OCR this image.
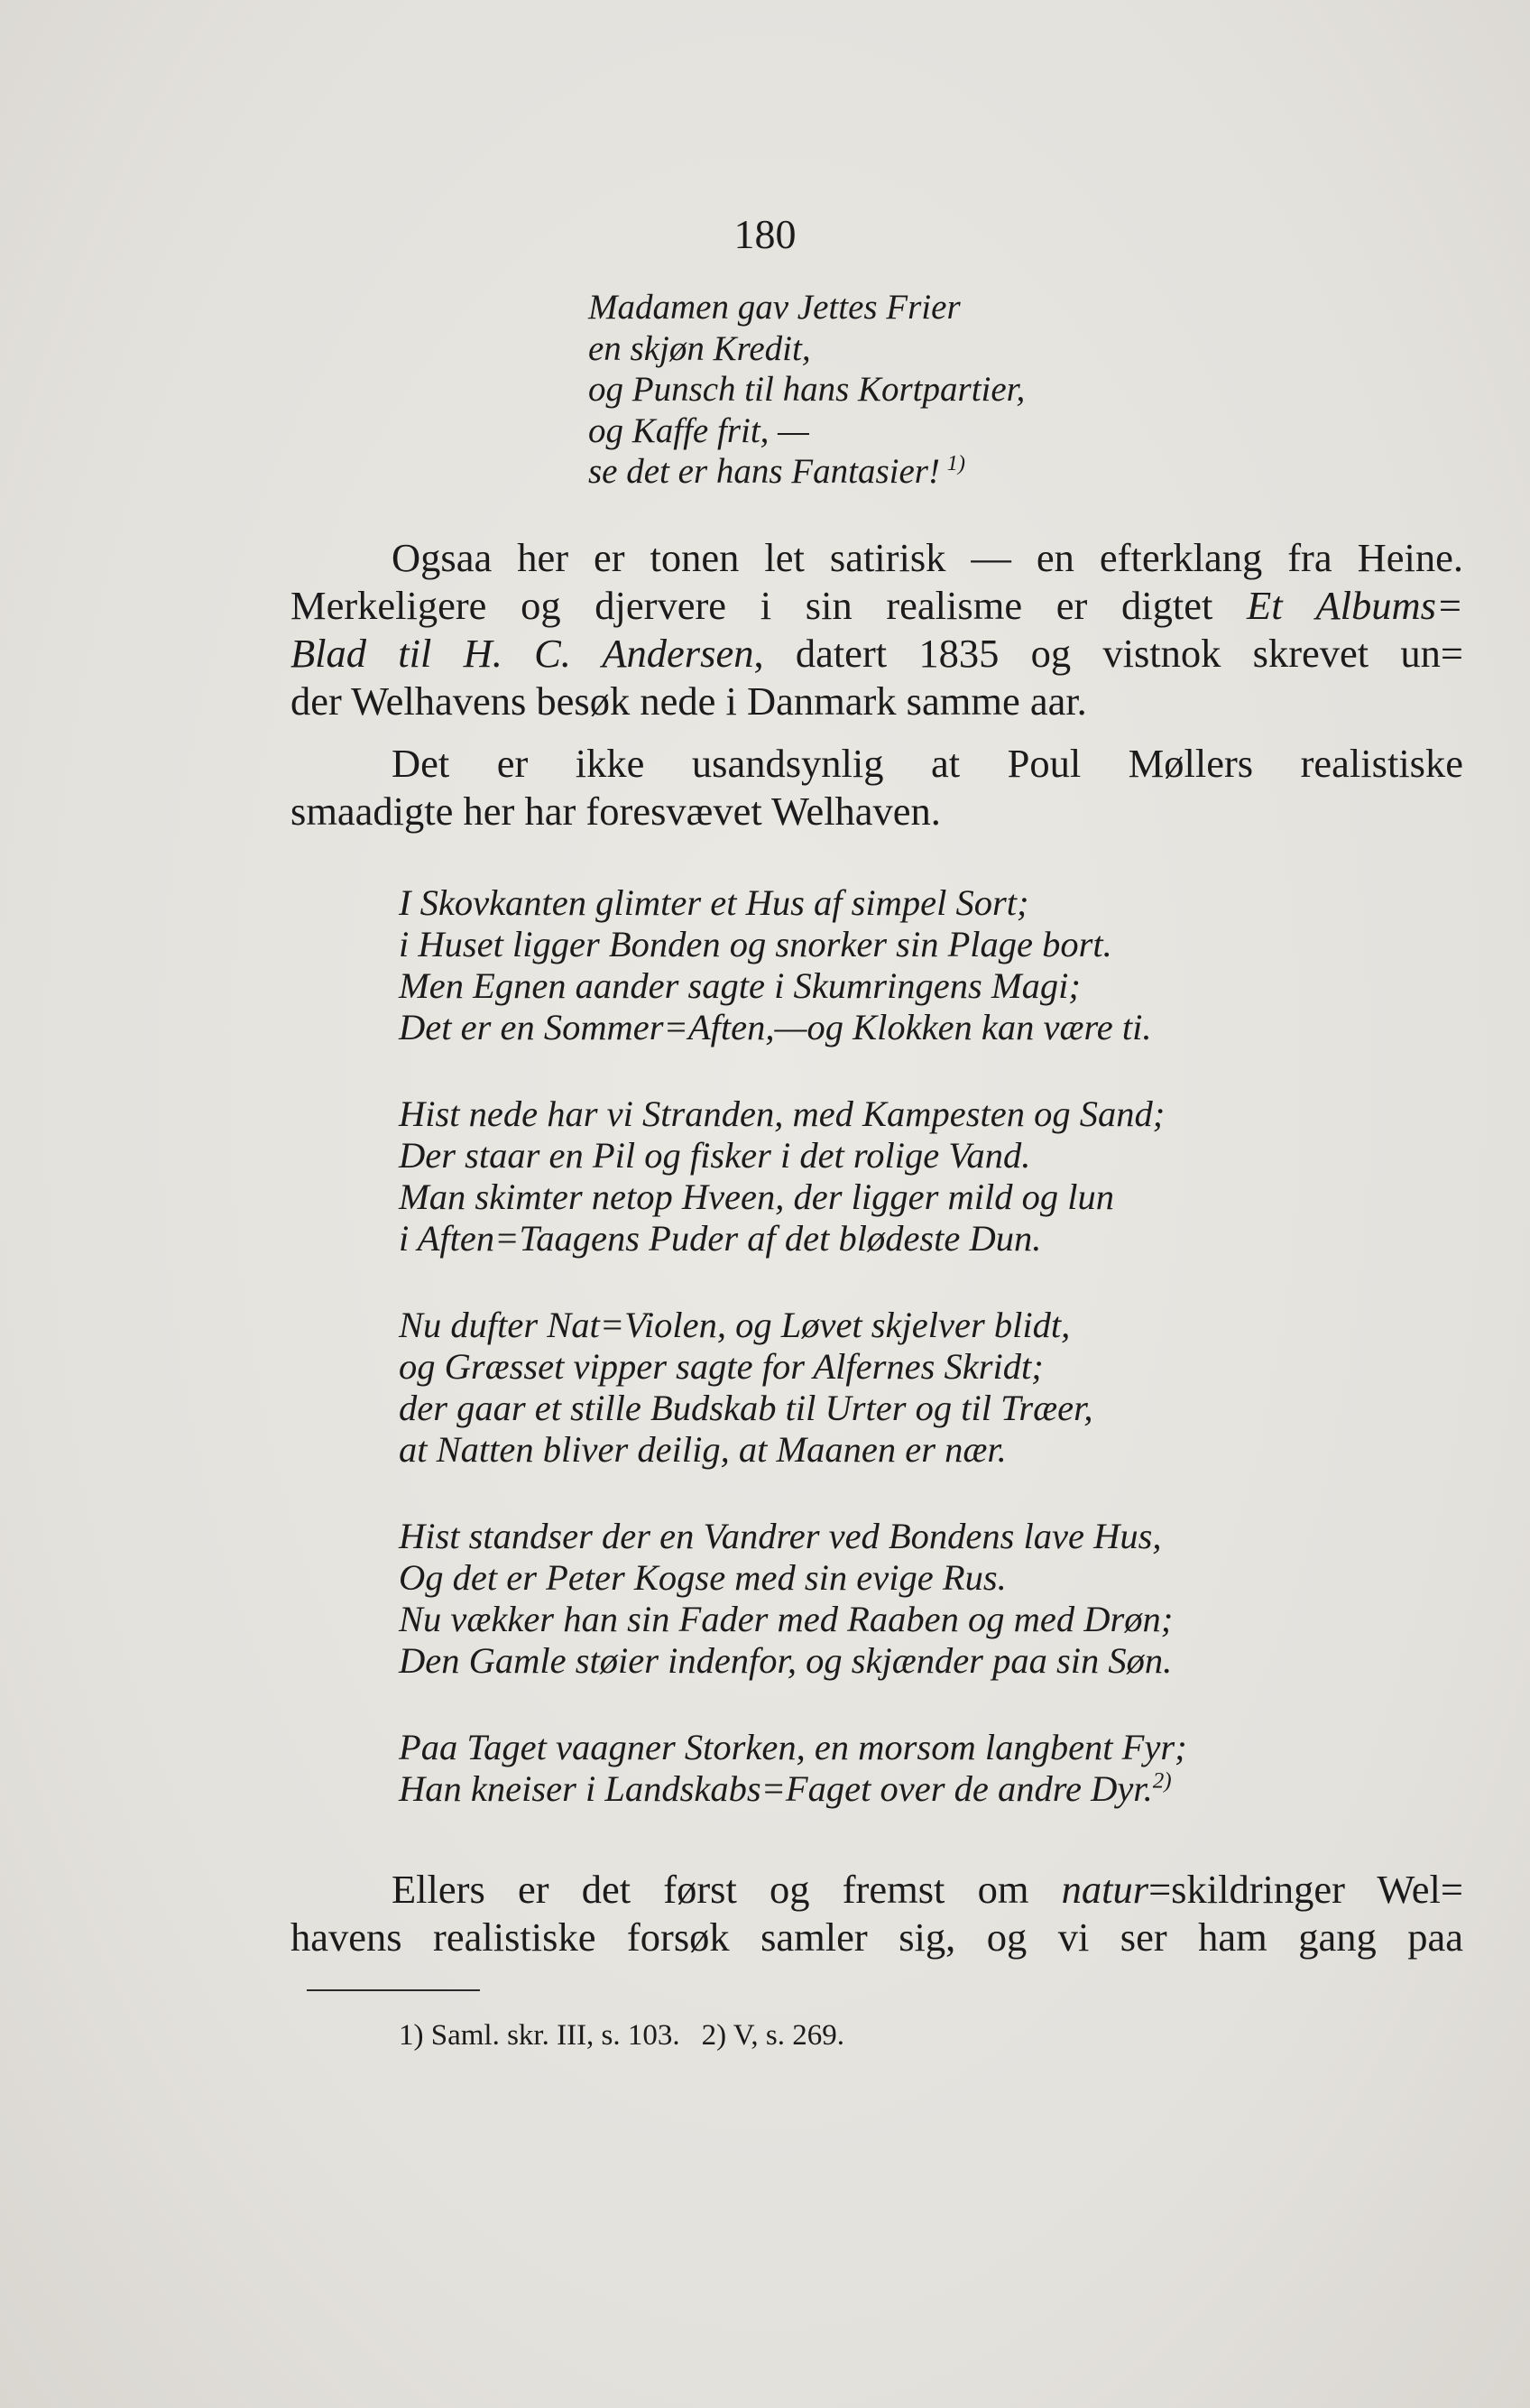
180
Madamen gav Jettes Frier
en skjøn Kredit,
og Punsch til hans Kortpartier,
og Kaffe frit, —
se det er hans Fantasier!  $^{1)}$
Ogsaa her er tonen let satirisk — en efterklang fra Heine.
Merkeligere og djervere i sin realisme er digtet Et Albums=
Blad til H. C. Andersen, datert 1835 og vistnok skrevet un=
der Welhavens besøk nede i Danmark samme aar.
Det er ikke usandsynlig at Poul Møllers realistiske
smaadigte her har foresvævet Welhaven.
I Skovkanten glimter et Hus af simpel Sort;
i Huset ligger Bonden og snorker sin Plage bort.
Men Egnen aander sagte i Skumringens Magi;
Det er en Sommer=Aften,—og Klokken kan være ti.
Hist nede har vi Stranden, med Kampesten og Sand;
Der staar en Pil og fisker i det rolige Vand.
Man skimter netop Hveen, der ligger mild og lun
i Aften=Taagens Puder af det blødeste Dun.
Nu dufter Nat=Violen, og Løvet skjelver blidt,
og Græsset vipper sagte for Alfernes Skridt;
der gaar et stille Budskab til Urter og til Træer,
at Natten bliver deilig, at Maanen er nær.
Hist standser der en Vandrer ved Bondens lave Hus,
Og det er Peter Kogse med sin evige Rus.
Nu vækker han sin Fader med Raaben og med Drøn;
Den Gamle støier indenfor, og skjænder paa sin Søn.
Paa Taget vaagner Storken, en morsom langbent Fyr;
Han kneiser i Landskabs=Faget over de andre Dyr.$^{2)}$
Ellers er det først og fremst om natur=skildringer Wel=
havens realistiske forsøk samler sig, og vi ser ham gang paa
1) Saml. skr. III, s. 103. 2) V, s. 269.
